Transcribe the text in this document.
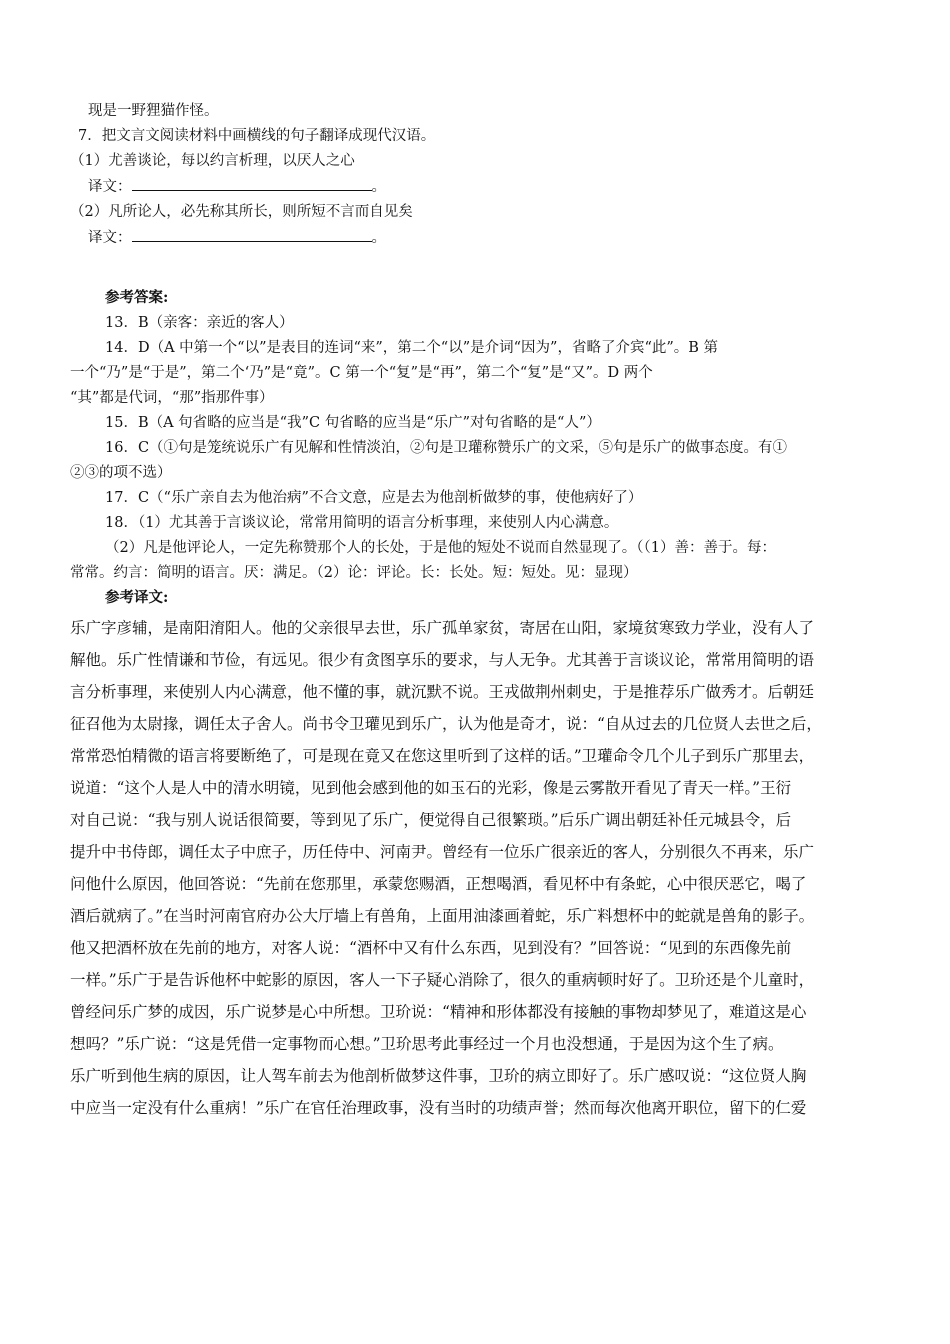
现是一野狸猫作怪。
7．把文言文阅读材料中画横线的句子翻译成现代汉语。
（1）尤善谈论，每以约言析理，以厌人之心
译文：	。
（2）凡所论人，必先称其所长，则所短不言而自见矣
译文：	。
参考答案:
13．B（亲客：亲近的客人）
14．D（A 中第一个“以”是表目的连词“来”，第二个“以”是介词“因为”，省略了介宾“此”。B 第
一个“乃”是“于是”，第二个‘乃”是“竟”。C 第一个“复”是“再”，第二个“复”是“又”。D 两个
“其”都是代词，“那”指那件事）
15．B（A 句省略的应当是“我”C 句省略的应当是“乐广”对句省略的是“人”）
16．C（①句是笼统说乐广有见解和性情淡泊，②句是卫瓘称赞乐广的文采，⑤句是乐广的做事态度。有①
②③的项不选）
17．C（“乐广亲自去为他治病”不合文意，应是去为他剖析做梦的事，使他病好了）
18．（1）尤其善于言谈议论，常常用简明的语言分析事理，来使别人内心满意。
（2）凡是他评论人，一定先称赞那个人的长处，于是他的短处不说而自然显现了。（（1）善：善于。每：
常常。约言：简明的语言。厌：满足。（2）论：评论。长：长处。短：短处。见：显现）
参考译文:
乐广字彦辅，是南阳淯阳人。他的父亲很早去世，乐广孤单家贫，寄居在山阳，家境贫寒致力学业，没有人了
解他。乐广性情谦和节俭，有远见。很少有贪图享乐的要求，与人无争。尤其善于言谈议论，常常用简明的语
言分析事理，来使别人内心满意，他不懂的事，就沉默不说。王戎做荆州刺史，于是推荐乐广做秀才。后朝廷
征召他为太尉掾，调任太子舍人。尚书令卫瓘见到乐广，认为他是奇才，说：“自从过去的几位贤人去世之后，
常常恐怕精微的语言将要断绝了，可是现在竟又在您这里听到了这样的话。”卫瓘命令几个儿子到乐广那里去，
说道：“这个人是人中的清水明镜，见到他会感到他的如玉石的光彩，像是云雾散开看见了青天一样。”王衍
对自己说：“我与别人说话很简要，等到见了乐广，便觉得自己很繁琐。”后乐广调出朝廷补任元城县令，后
提升中书侍郎，调任太子中庶子，历任侍中、河南尹。曾经有一位乐广很亲近的客人，分别很久不再来，乐广
问他什么原因，他回答说：“先前在您那里，承蒙您赐酒，正想喝酒，看见杯中有条蛇，心中很厌恶它，喝了
酒后就病了。”在当时河南官府办公大厅墙上有兽角，上面用油漆画着蛇，乐广料想杯中的蛇就是兽角的影子。
他又把酒杯放在先前的地方，对客人说：“酒杯中又有什么东西，见到没有？”回答说：“见到的东西像先前
一样。”乐广于是告诉他杯中蛇影的原因，客人一下子疑心消除了，很久的重病顿时好了。卫玠还是个儿童时，
曾经问乐广梦的成因，乐广说梦是心中所想。卫玠说：“精神和形体都没有接触的事物却梦见了，难道这是心
想吗？”乐广说：“这是凭借一定事物而心想。”卫玠思考此事经过一个月也没想通，于是因为这个生了病。
乐广听到他生病的原因，让人驾车前去为他剖析做梦这件事，卫玠的病立即好了。乐广感叹说：“这位贤人胸
中应当一定没有什么重病！”乐广在官任治理政事，没有当时的功绩声誉；然而每次他离开职位，留下的仁爱
